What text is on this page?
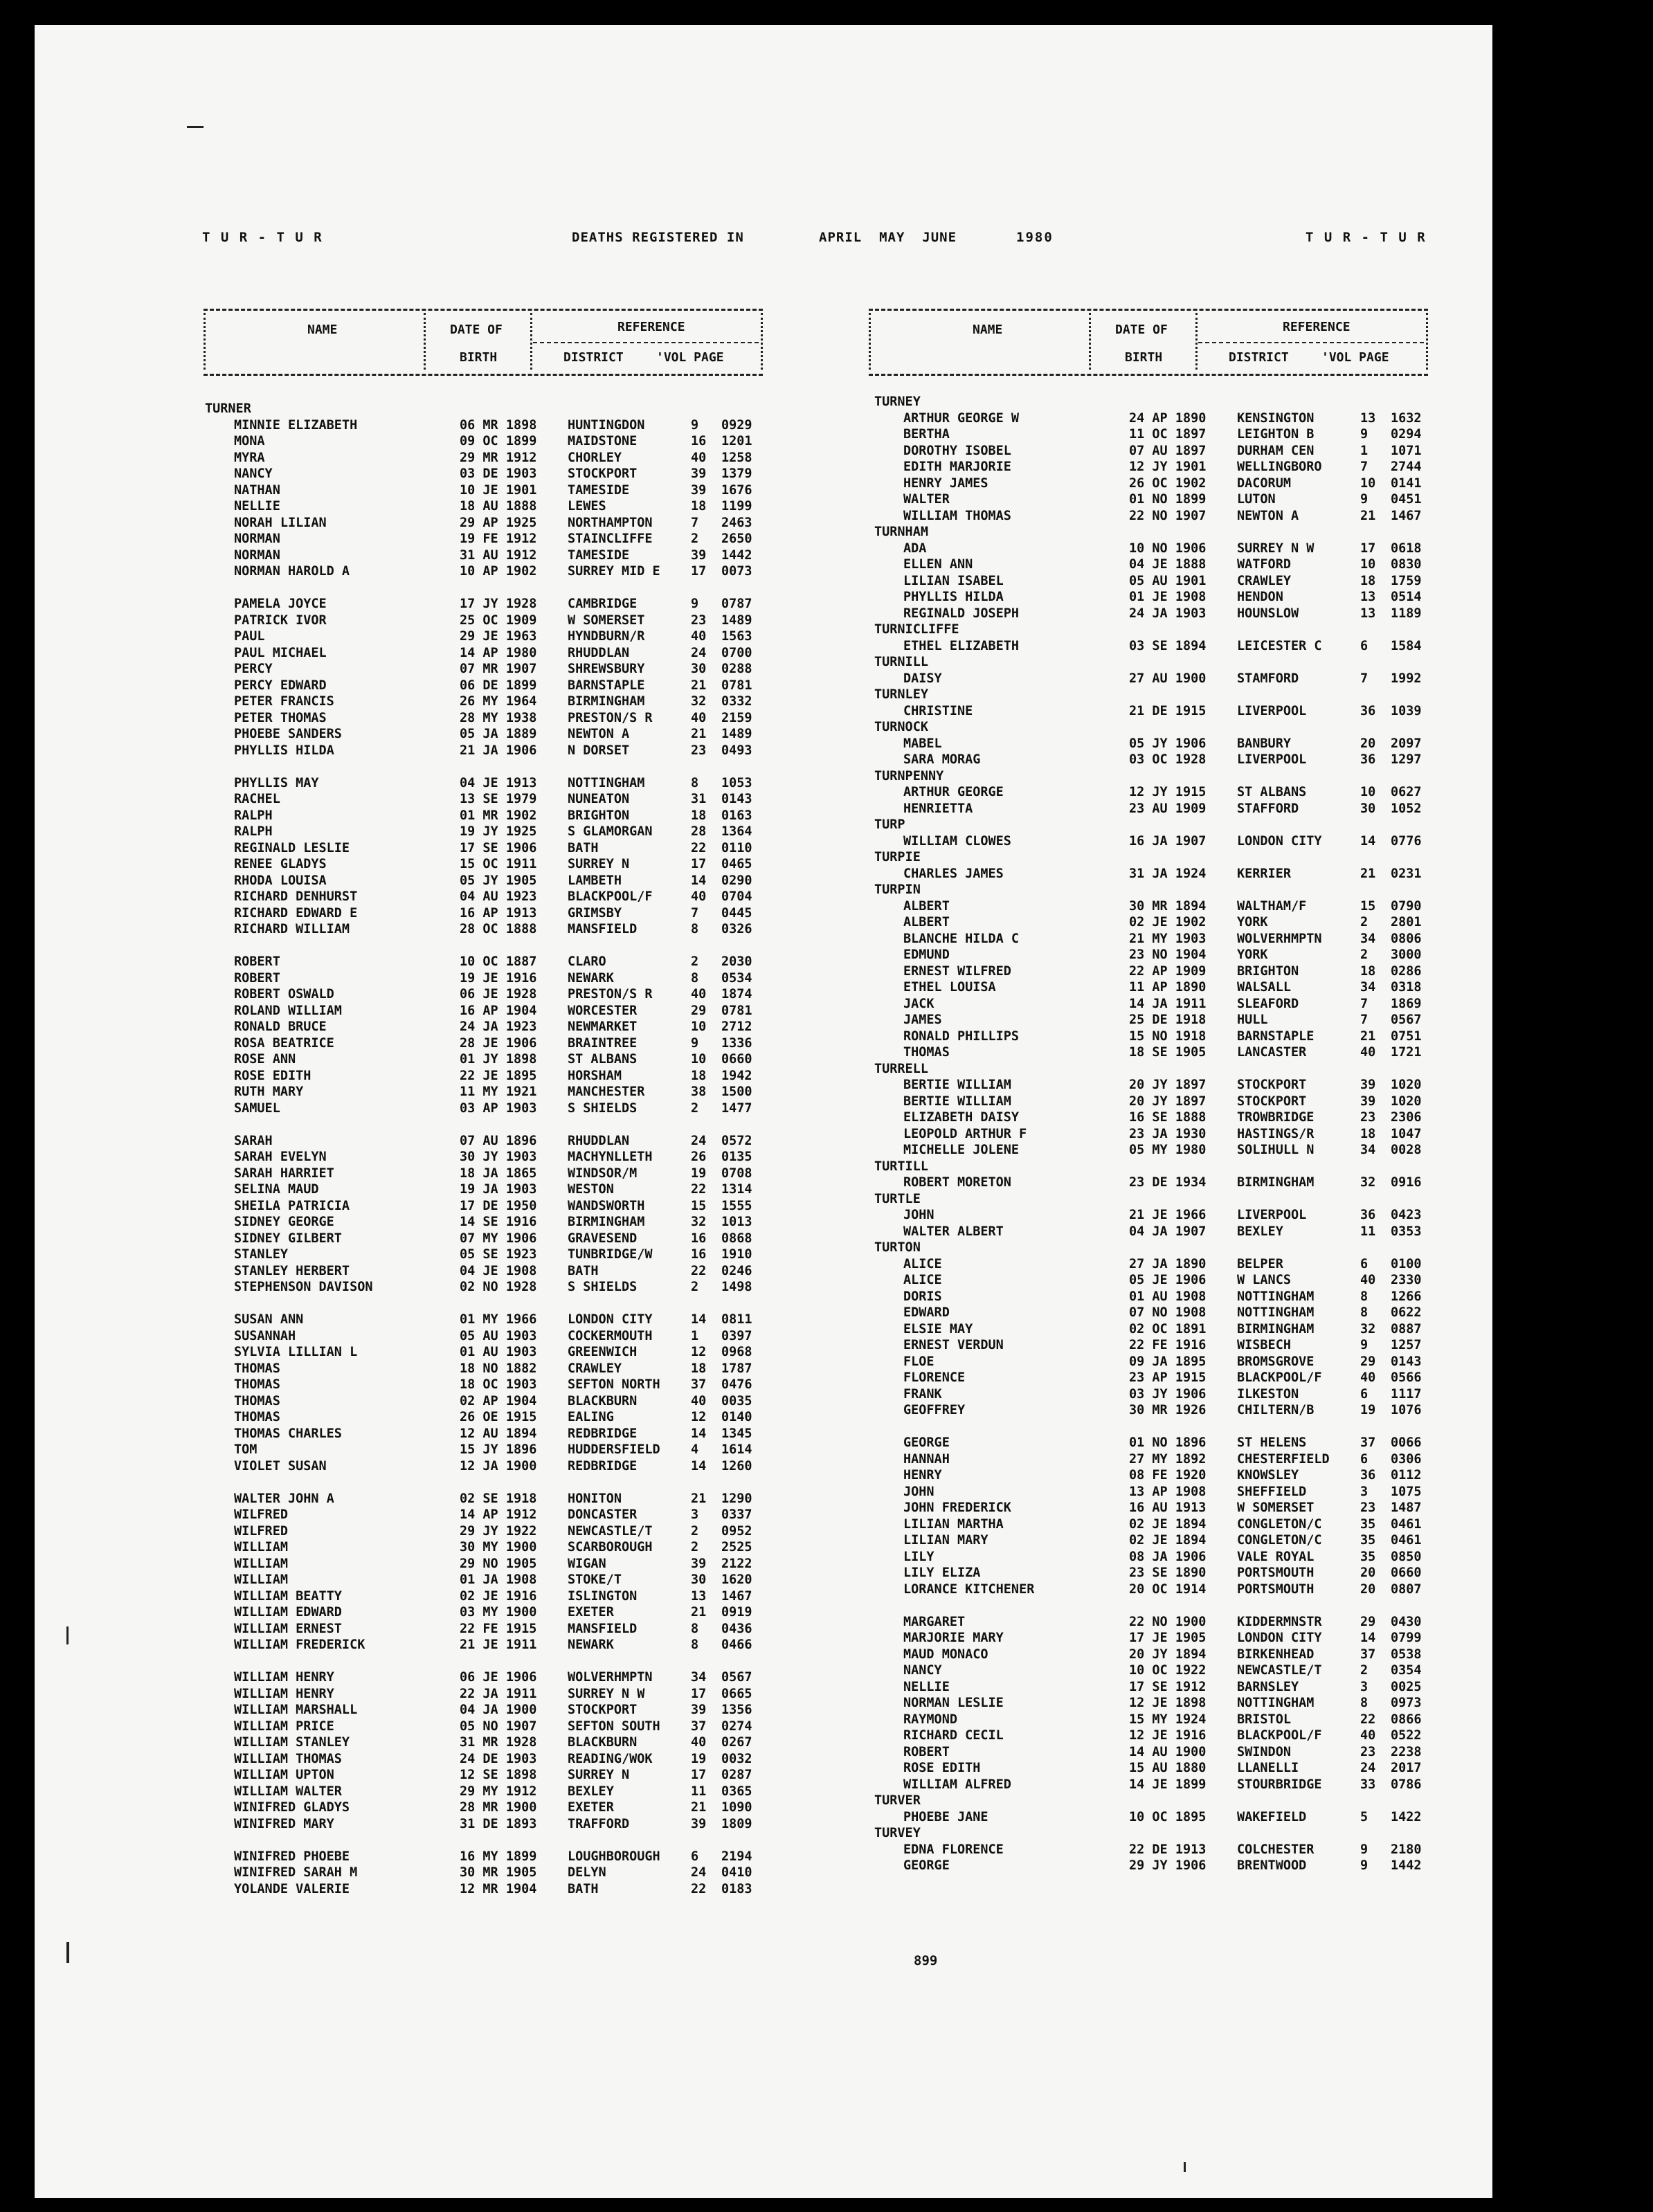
T U R - T U R	DEATHS REGISTERED IN	APRIL  MAY  JUNE	1980	T U R - T U R
NAME	DATE OF	REFERENCE
BIRTH	DISTRICT	'VOL PAGE
NAME	DATE OF	REFERENCE
BIRTH	DISTRICT	'VOL PAGE
TURNER
MINNIE ELIZABETH	06 MR 1898 HUNTINGDON	9 0929
MONA	09 OC 1899 MAIDSTONE	16 1201
MYRA	29 MR 1912 CHORLEY	40 1258
NANCY	03 DE 1903 STOCKPORT	39 1379
NATHAN	10 JE 1901 TAMESIDE	39 1676
NELLIE	18 AU 1888 LEWES	18 1199
NORAH LILIAN	29 AP 1925 NORTHAMPTON	7 2463
NORMAN	19 FE 1912 STAINCLIFFE	2 2650
NORMAN	31 AU 1912 TAMESIDE	39 1442
NORMAN HAROLD A	10 AP 1902 SURREY MID E 17 0073
PAMELA JOYCE	17 JY 1928 CAMBRIDGE	9 0787
PATRICK IVOR	25 OC 1909 W SOMERSET	23 1489
PAUL	29 JE 1963 HYNDBURN/R	40 1563
PAUL MICHAEL	14 AP 1980 RHUDDLAN	24 0700
PERCY	07 MR 1907 SHREWSBURY	30 0288
PERCY EDWARD	06 DE 1899 BARNSTAPLE	21 0781
PETER FRANCIS	26 MY 1964 BIRMINGHAM	32 0332
PETER THOMAS	28 MY 1938 PRESTON/S R	40 2159
PHOEBE SANDERS	05 JA 1889 NEWTON A	21 1489
PHYLLIS HILDA	21 JA 1906 N DORSET	23 0493
PHYLLIS MAY	04 JE 1913 NOTTINGHAM	8 1053
RACHEL	13 SE 1979 NUNEATON	31 0143
RALPH	01 MR 1902 BRIGHTON	18 0163
RALPH	19 JY 1925 S GLAMORGAN	28 1364
REGINALD LESLIE	17 SE 1906 BATH	22 0110
RENEE GLADYS	15 OC 1911 SURREY N	17 0465
RHODA LOUISA	05 JY 1905 LAMBETH	14 0290
RICHARD DENHURST	04 AU 1923 BLACKPOOL/F	40 0704
RICHARD EDWARD E	16 AP 1913 GRIMSBY	7 0445
RICHARD WILLIAM	28 OC 1888 MANSFIELD	8 0326
ROBERT	10 OC 1887 CLARO	2 2030
ROBERT	19 JE 1916 NEWARK	8 0534
ROBERT OSWALD	06 JE 1928 PRESTON/S R	40 1874
ROLAND WILLIAM	16 AP 1904 WORCESTER	29 0781
RONALD BRUCE	24 JA 1923 NEWMARKET	10 2712
ROSA BEATRICE	28 JE 1906 BRAINTREE	9 1336
ROSE ANN	01 JY 1898 ST ALBANS	10 0660
ROSE EDITH	22 JE 1895 HORSHAM	18 1942
RUTH MARY	11 MY 1921 MANCHESTER	38 1500
SAMUEL	03 AP 1903 S SHIELDS	2 1477
SARAH	07 AU 1896 RHUDDLAN	24 0572
SARAH EVELYN	30 JY 1903 MACHYNLLETH	26 0135
SARAH HARRIET	18 JA 1865 WINDSOR/M	19 0708
SELINA MAUD	19 JA 1903 WESTON	22 1314
SHEILA PATRICIA	17 DE 1950 WANDSWORTH	15 1555
SIDNEY GEORGE	14 SE 1916 BIRMINGHAM	32 1013
SIDNEY GILBERT	07 MY 1906 GRAVESEND	16 0868
STANLEY	05 SE 1923 TUNBRIDGE/W	16 1910
STANLEY HERBERT	04 JE 1908 BATH	22 0246
STEPHENSON DAVISON	02 NO 1928 S SHIELDS	2 1498
SUSAN ANN	01 MY 1966 LONDON CITY	14 0811
SUSANNAH	05 AU 1903 COCKERMOUTH	1 0397
SYLVIA LILLIAN L	01 AU 1903 GREENWICH	12 0968
THOMAS	18 NO 1882 CRAWLEY	18 1787
THOMAS	18 OC 1903 SEFTON NORTH 37 0476
THOMAS	02 AP 1904 BLACKBURN	40 0035
THOMAS	26 OE 1915 EALING	12 0140
THOMAS CHARLES	12 AU 1894 REDBRIDGE	14 1345
TOM	15 JY 1896 HUDDERSFIELD 4 1614
VIOLET SUSAN	12 JA 1900 REDBRIDGE	14 1260
WALTER JOHN A	02 SE 1918 HONITON	21 1290
WILFRED	14 AP 1912 DONCASTER	3 0337
WILFRED	29 JY 1922 NEWCASTLE/T	2 0952
WILLIAM	30 MY 1900 SCARBOROUGH	2 2525
WILLIAM	29 NO 1905 WIGAN	39 2122
WILLIAM	01 JA 1908 STOKE/T	30 1620
WILLIAM BEATTY	02 JE 1916 ISLINGTON	13 1467
WILLIAM EDWARD	03 MY 1900 EXETER	21 0919
WILLIAM ERNEST	22 FE 1915 MANSFIELD	8 0436
WILLIAM FREDERICK	21 JE 1911 NEWARK	8 0466
WILLIAM HENRY	06 JE 1906 WOLVERHMPTN	34 0567
WILLIAM HENRY	22 JA 1911 SURREY N W	17 0665
WILLIAM MARSHALL	04 JA 1900 STOCKPORT	39 1356
WILLIAM PRICE	05 NO 1907 SEFTON SOUTH 37 0274
WILLIAM STANLEY	31 MR 1928 BLACKBURN	40 0267
WILLIAM THOMAS	24 DE 1903 READING/WOK	19 0032
WILLIAM UPTON	12 SE 1898 SURREY N	17 0287
WILLIAM WALTER	29 MY 1912 BEXLEY	11 0365
WINIFRED GLADYS	28 MR 1900 EXETER	21 1090
WINIFRED MARY	31 DE 1893 TRAFFORD	39 1809
WINIFRED PHOEBE	16 MY 1899 LOUGHBOROUGH 6 2194
WINIFRED SARAH M	30 MR 1905 DELYN	24 0410
YOLANDE VALERIE	12 MR 1904 BATH	22 0183
TURNEY
ARTHUR GEORGE W	24 AP 1890 KENSINGTON	13 1632
BERTHA	11 OC 1897 LEIGHTON B	9 0294
DOROTHY ISOBEL	07 AU 1897 DURHAM CEN	1 1071
EDITH MARJORIE	12 JY 1901 WELLINGBORO	7 2744
HENRY JAMES	26 OC 1902 DACORUM	10 0141
WALTER	01 NO 1899 LUTON	9 0451
WILLIAM THOMAS	22 NO 1907 NEWTON A	21 1467
TURNHAM
ADA	10 NO 1906 SURREY N W	17 0618
ELLEN ANN	04 JE 1888 WATFORD	10 0830
LILIAN ISABEL	05 AU 1901 CRAWLEY	18 1759
PHYLLIS HILDA	01 JE 1908 HENDON	13 0514
REGINALD JOSEPH	24 JA 1903 HOUNSLOW	13 1189
TURNICLIFFE
ETHEL ELIZABETH	03 SE 1894 LEICESTER C	6 1584
TURNILL
DAISY	27 AU 1900 STAMFORD	7 1992
TURNLEY
CHRISTINE	21 DE 1915 LIVERPOOL	36 1039
TURNOCK
MABEL	05 JY 1906 BANBURY	20 2097
SARA MORAG	03 OC 1928 LIVERPOOL	36 1297
TURNPENNY
ARTHUR GEORGE	12 JY 1915 ST ALBANS	10 0627
HENRIETTA	23 AU 1909 STAFFORD	30 1052
TURP
WILLIAM CLOWES	16 JA 1907 LONDON CITY	14 0776
TURPIE
CHARLES JAMES	31 JA 1924 KERRIER	21 0231
TURPIN
ALBERT	30 MR 1894 WALTHAM/F	15 0790
ALBERT	02 JE 1902 YORK	2 2801
BLANCHE HILDA C	21 MY 1903 WOLVERHMPTN	34 0806
EDMUND	23 NO 1904 YORK	2 3000
ERNEST WILFRED	22 AP 1909 BRIGHTON	18 0286
ETHEL LOUISA	11 AP 1890 WALSALL	34 0318
JACK	14 JA 1911 SLEAFORD	7 1869
JAMES	25 DE 1918 HULL	7 0567
RONALD PHILLIPS	15 NO 1918 BARNSTAPLE	21 0751
THOMAS	18 SE 1905 LANCASTER	40 1721
TURRELL
BERTIE WILLIAM	20 JY 1897 STOCKPORT	39 1020
BERTIE WILLIAM	20 JY 1897 STOCKPORT	39 1020
ELIZABETH DAISY	16 SE 1888 TROWBRIDGE	23 2306
LEOPOLD ARTHUR F	23 JA 1930 HASTINGS/R	18 1047
MICHELLE JOLENE	05 MY 1980 SOLIHULL N	34 0028
TURTILL
ROBERT MORETON	23 DE 1934 BIRMINGHAM	32 0916
TURTLE
JOHN	21 JE 1966 LIVERPOOL	36 0423
WALTER ALBERT	04 JA 1907 BEXLEY	11 0353
TURTON
ALICE	27 JA 1890 BELPER	6 0100
ALICE	05 JE 1906 W LANCS	40 2330
DORIS	01 AU 1908 NOTTINGHAM	8 1266
EDWARD	07 NO 1908 NOTTINGHAM	8 0622
ELSIE MAY	02 OC 1891 BIRMINGHAM	32 0887
ERNEST VERDUN	22 FE 1916 WISBECH	9 1257
FLOE	09 JA 1895 BROMSGROVE	29 0143
FLORENCE	23 AP 1915 BLACKPOOL/F	40 0566
FRANK	03 JY 1906 ILKESTON	6 1117
GEOFFREY	30 MR 1926 CHILTERN/B	19 1076
GEORGE	01 NO 1896 ST HELENS	37 0066
HANNAH	27 MY 1892 CHESTERFIELD 6 0306
HENRY	08 FE 1920 KNOWSLEY	36 0112
JOHN	13 AP 1908 SHEFFIELD	3 1075
JOHN FREDERICK	16 AU 1913 W SOMERSET	23 1487
LILIAN MARTHA	02 JE 1894 CONGLETON/C	35 0461
LILIAN MARY	02 JE 1894 CONGLETON/C	35 0461
LILY	08 JA 1906 VALE ROYAL	35 0850
LILY ELIZA	23 SE 1890 PORTSMOUTH	20 0660
LORANCE KITCHENER	20 OC 1914 PORTSMOUTH	20 0807
MARGARET	22 NO 1900 KIDDERMNSTR	29 0430
MARJORIE MARY	17 JE 1905 LONDON CITY	14 0799
MAUD MONACO	20 JY 1894 BIRKENHEAD	37 0538
NANCY	10 OC 1922 NEWCASTLE/T	2 0354
NELLIE	17 SE 1912 BARNSLEY	3 0025
NORMAN LESLIE	12 JE 1898 NOTTINGHAM	8 0973
RAYMOND	15 MY 1924 BRISTOL	22 0866
RICHARD CECIL	12 JE 1916 BLACKPOOL/F	40 0522
ROBERT	14 AU 1900 SWINDON	23 2238
ROSE EDITH	15 AU 1880 LLANELLI	24 2017
WILLIAM ALFRED	14 JE 1899 STOURBRIDGE	33 0786
TURVER
PHOEBE JANE	10 OC 1895 WAKEFIELD	5 1422
TURVEY
EDNA FLORENCE	22 DE 1913 COLCHESTER	9 2180
GEORGE	29 JY 1906 BRENTWOOD	9 1442
899
